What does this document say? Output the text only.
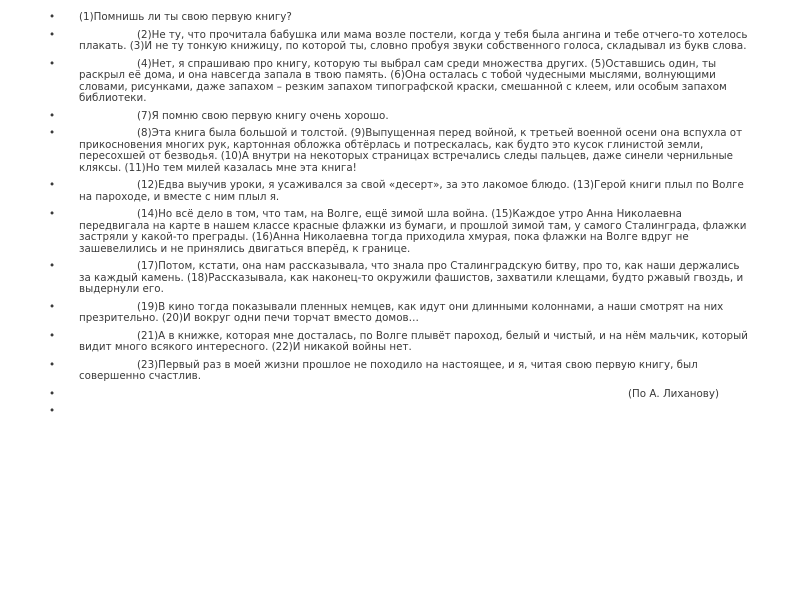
• (1)Помнишь ли ты свою первую книгу?
•	(2)Не ту, что прочитала бабушка или мама возле постели, когда у тебя была ангина и тебе отчего-то хотелось плакать. (3)И не ту тонкую книжицу, по которой ты, словно пробуя звуки собственного голоса, складывал из букв слова.
•	(4)Нет, я спрашиваю про книгу, которую ты выбрал сам среди множества других. (5)Оставшись один, ты раскрыл её дома, и она навсегда запала в твою память. (6)Она осталась с тобой чудесными мыслями, волнующими словами, рисунками, даже запахом – резким запахом типографской краски, смешанной с клеем, или особым запахом библиотеки.
•	(7)Я помню свою первую книгу очень хорошо.
•	(8)Эта книга была большой и толстой. (9)Выпущенная перед войной, к третьей военной осени она вспухла от прикосновения многих рук, картонная обложка обтёрлась и потрескалась, как будто это кусок глинистой земли, пересохшей от безводья. (10)А внутри на некоторых страницах встречались следы пальцев, даже синели чернильные кляксы. (11)Но тем милей казалась мне эта книга!
•	(12)Едва выучив уроки, я усаживался за свой «десерт», за это лакомое блюдо. (13)Герой книги плыл по Волге на пароходе, и вместе с ним плыл я.
•	(14)Но всё дело в том, что там, на Волге, ещё зимой шла война. (15)Каждое утро Анна Николаевна передвигала на карте в нашем классе красные флажки из бумаги, и прошлой зимой там, у самого Сталинграда, флажки застряли у какой-то преграды. (16)Анна Николаевна тогда приходила хмурая, пока флажки на Волге вдруг не зашевелились и не принялись двигаться вперёд, к границе.
•	(17)Потом, кстати, она нам рассказывала, что знала про Сталинградскую битву, про то, как наши держались за каждый камень. (18)Рассказывала, как наконец-то окружили фашистов, захватили клещами, будто ржавый гвоздь, и выдернули его.
•	(19)В кино тогда показывали пленных немцев, как идут они длинными колоннами, а наши смотрят на них презрительно. (20)И вокруг одни печи торчат вместо домов…
•	(21)А в книжке, которая мне досталась, по Волге плывёт пароход, белый и чистый, и на нём мальчик, который видит много всякого интересного. (22)И никакой войны нет.
•	(23)Первый раз в моей жизни прошлое не походило на настоящее, и я, читая свою первую книгу, был совершенно счастлив.
•	(По А. Лиханову)
•
